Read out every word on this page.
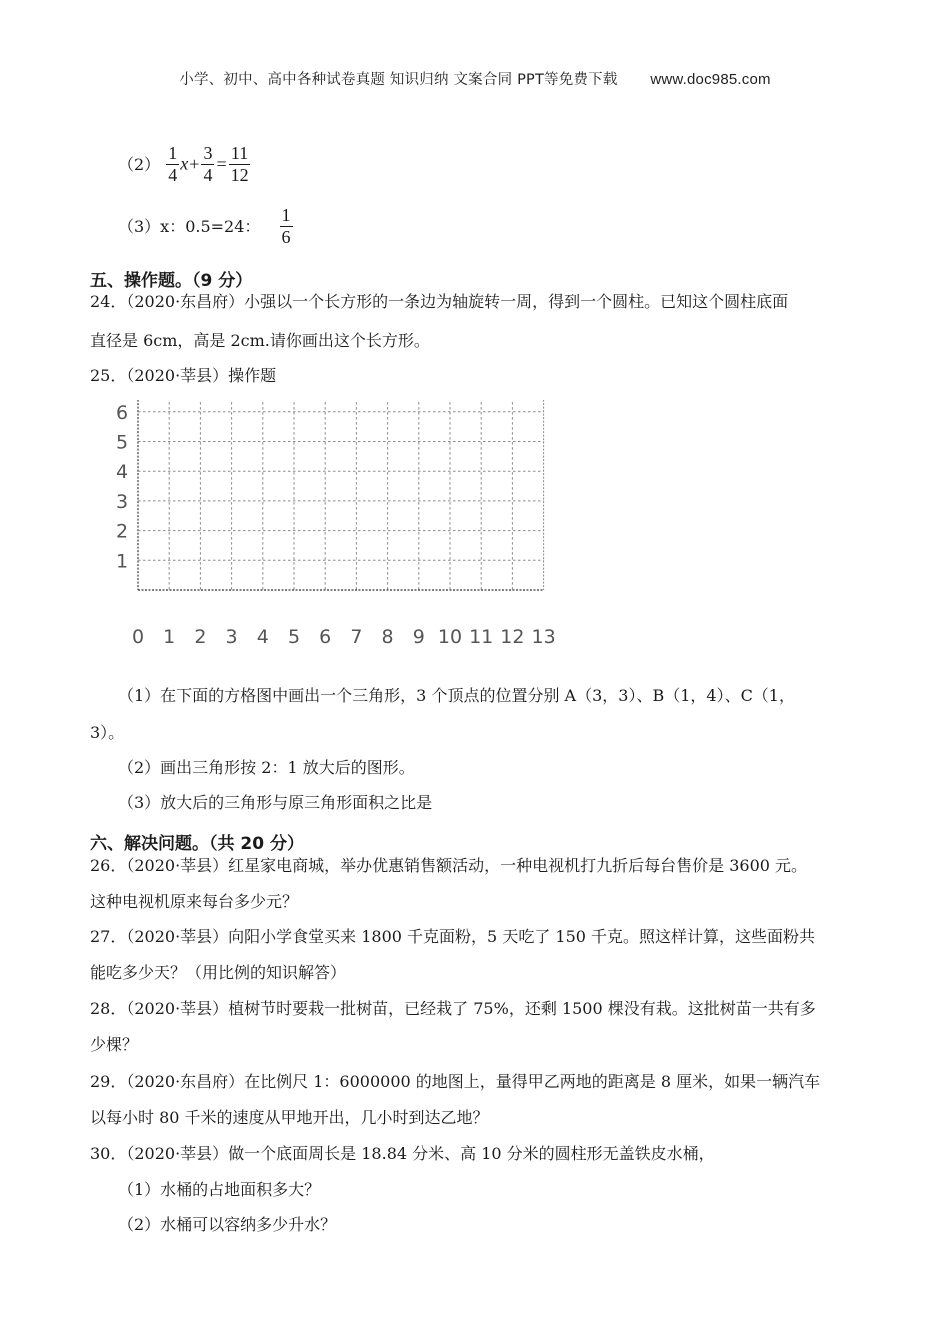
小学、初中、高中各种试卷真题 知识归纳 文案合同 PPT等免费下载 www.doc985.com
$(2) \frac{1}{4} x+ \frac{3}{4} = \frac{11}{12}$
（3）x：0.5=24： $\frac{1}{6}$
五、操作题。（9 分）
24．（2020·东昌府）小强以一个长方形的一条边为轴旋转一周，得到一个圆柱。已知这个圆柱底面
直径是 6cm，高是 2cm.请你画出这个长方形。
25．（2020·莘县）操作题
0 1 2 3 4 5 6 7 8 9 10 11 12 13
1
2
3
4
5
6
（1）在下面的方格图中画出一个三角形，3 个顶点的位置分别 A（3，3）、B（1，4）、C（1，
3）。
（2）画出三角形按 2：1 放大后的图形。
（3）放大后的三角形与原三角形面积之比是
六、解决问题。（共 20 分）
26．（2020·莘县）红星家电商城，举办优惠销售额活动，一种电视机打九折后每台售价是 3600 元。
这种电视机原来每台多少元？
27．（2020·莘县）向阳小学食堂买来 1800 千克面粉，5 天吃了 150 千克。照这样计算，这些面粉共
能吃多少天？（用比例的知识解答）
28．（2020·莘县）植树节时要栽一批树苗，已经栽了 75%，还剩 1500 棵没有栽。这批树苗一共有多
少棵？
29．（2020·东昌府）在比例尺 1：6000000 的地图上，量得甲乙两地的距离是 8 厘米，如果一辆汽车
以每小时 80 千米的速度从甲地开出，几小时到达乙地？
30．（2020·莘县）做一个底面周长是 18.84 分米、高 10 分米的圆柱形无盖铁皮水桶，
（1）水桶的占地面积多大？
（2）水桶可以容纳多少升水？
